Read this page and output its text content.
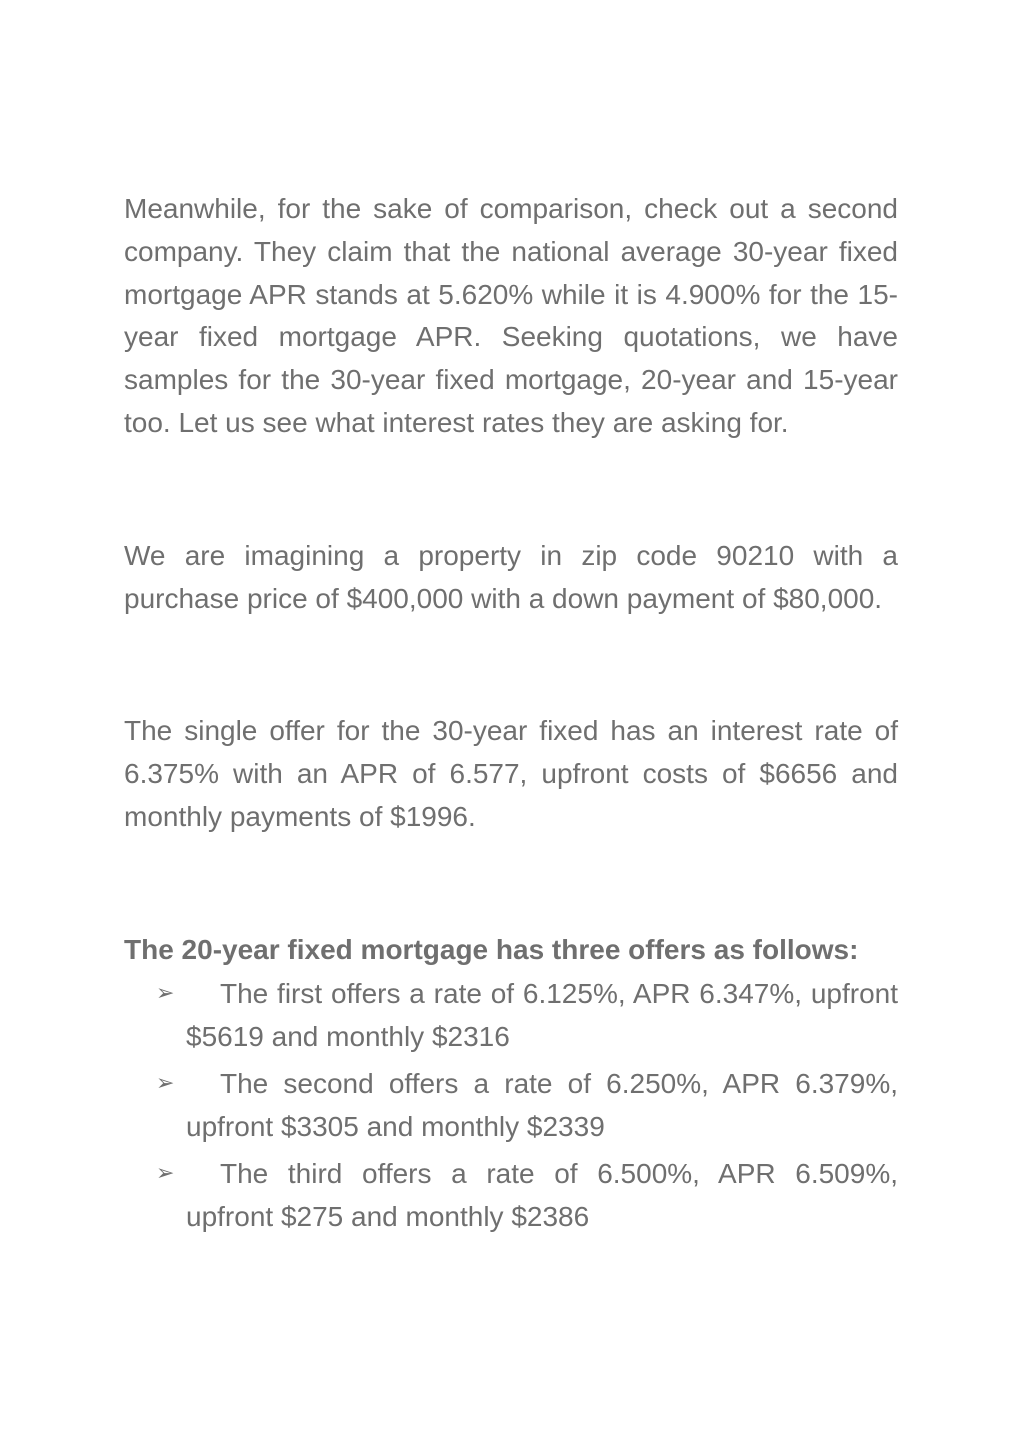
Meanwhile, for the sake of comparison, check out a second company. They claim that the national average 30-year fixed mortgage APR stands at 5.620% while it is 4.900% for the 15-year fixed mortgage APR. Seeking quotations, we have samples for the 30-year fixed mortgage, 20-year and 15-year too. Let us see what interest rates they are asking for.

We are imagining a property in zip code 90210 with a purchase price of $400,000 with a down payment of $80,000.

The single offer for the 30-year fixed has an interest rate of 6.375% with an APR of 6.577, upfront costs of $6656 and monthly payments of $1996.

The 20-year fixed mortgage has three offers as follows:
➢	The first offers a rate of 6.125%, APR 6.347%, upfront $5619 and monthly $2316
➢	The second offers a rate of 6.250%, APR 6.379%, upfront $3305 and monthly $2339
➢	The third offers a rate of 6.500%, APR 6.509%, upfront $275 and monthly $2386
